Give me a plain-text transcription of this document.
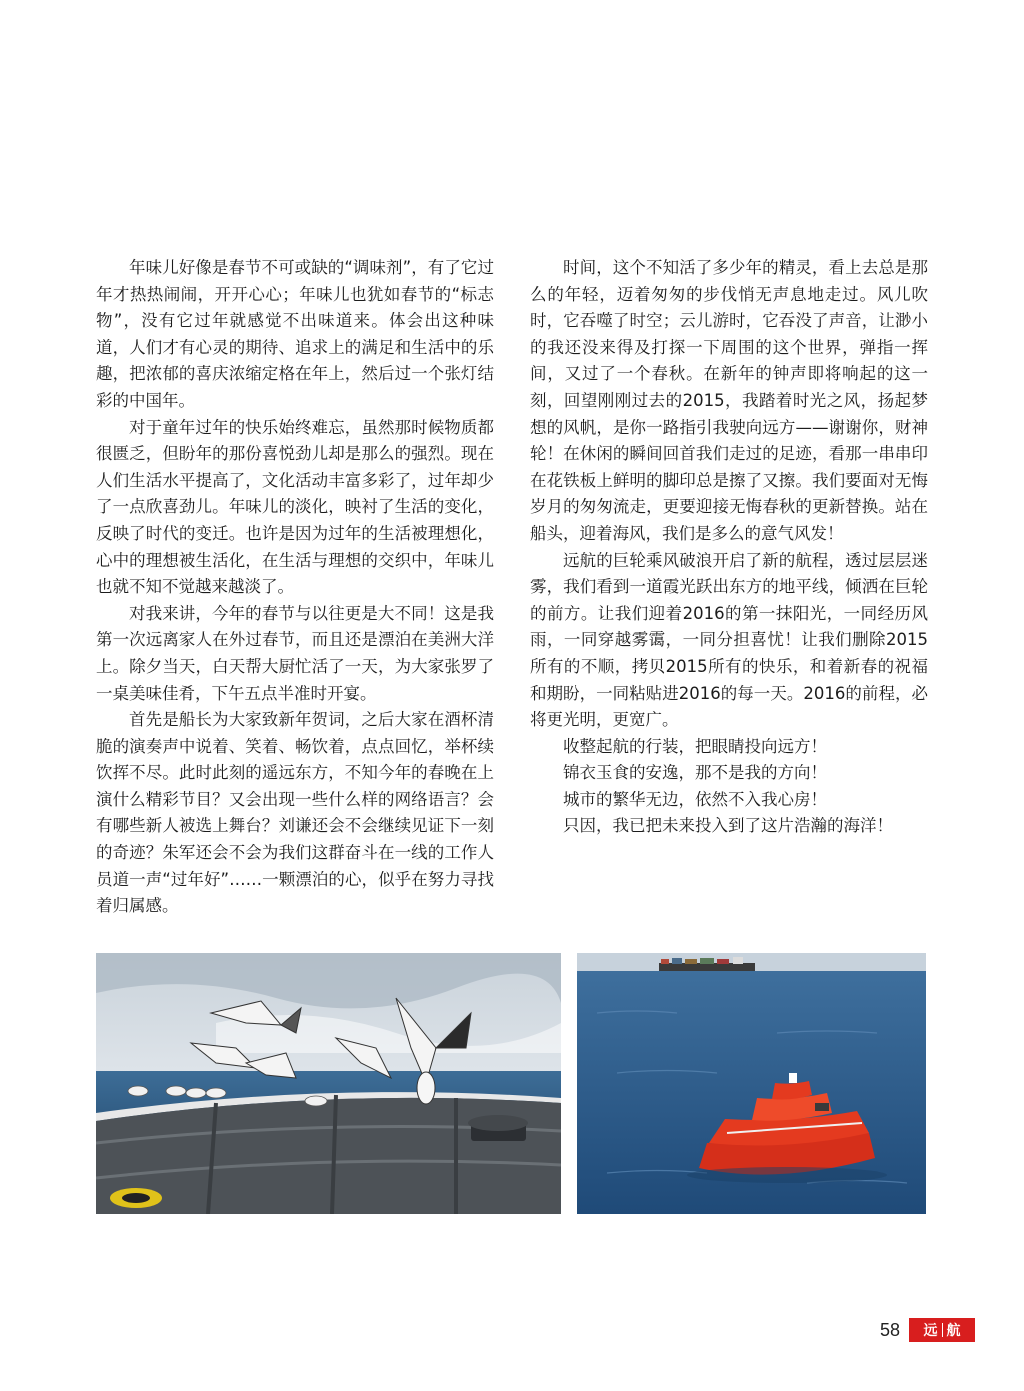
年味儿好像是春节不可或缺的“调味剂”，有了它过年才热热闹闹，开开心心；年味儿也犹如春节的“标志物”，没有它过年就感觉不出味道来。体会出这种味道，人们才有心灵的期待、追求上的满足和生活中的乐趣，把浓郁的喜庆浓缩定格在年上，然后过一个张灯结彩的中国年。

对于童年过年的快乐始终难忘，虽然那时候物质都很匮乏，但盼年的那份喜悦劲儿却是那么的强烈。现在人们生活水平提高了，文化活动丰富多彩了，过年却少了一点欣喜劲儿。年味儿的淡化，映衬了生活的变化，反映了时代的变迁。也许是因为过年的生活被理想化，心中的理想被生活化，在生活与理想的交织中，年味儿也就不知不觉越来越淡了。

对我来讲，今年的春节与以往更是大不同！这是我第一次远离家人在外过春节，而且还是漂泊在美洲大洋上。除夕当天，白天帮大厨忙活了一天，为大家张罗了一桌美味佳肴，下午五点半准时开宴。

首先是船长为大家致新年贺词，之后大家在酒杯清脆的演奏声中说着、笑着、畅饮着，点点回忆，举杯续饮挥不尽。此时此刻的遥远东方，不知今年的春晚在上演什么精彩节目？又会出现一些什么样的网络语言？会有哪些新人被选上舞台？刘谦还会不会继续见证下一刻的奇迹？朱军还会不会为我们这群奋斗在一线的工作人员道一声“过年好”……一颗漂泊的心，似乎在努力寻找着归属感。

时间，这个不知活了多少年的精灵，看上去总是那么的年轻，迈着匆匆的步伐悄无声息地走过。风儿吹时，它吞噬了时空；云儿游时，它吞没了声音，让渺小的我还没来得及打探一下周围的这个世界，弹指一挥间，又过了一个春秋。在新年的钟声即将响起的这一刻，回望刚刚过去的2015，我踏着时光之风，扬起梦想的风帆，是你一路指引我驶向远方——谢谢你，财神轮！在休闲的瞬间回首我们走过的足迹，看那一串串印在花铁板上鲜明的脚印总是擦了又擦。我们要面对无悔岁月的匆匆流走，更要迎接无悔春秋的更新替换。站在船头，迎着海风，我们是多么的意气风发！

远航的巨轮乘风破浪开启了新的航程，透过层层迷雾，我们看到一道霞光跃出东方的地平线，倾洒在巨轮的前方。让我们迎着2016的第一抹阳光，一同经历风雨，一同穿越雾霭，一同分担喜忧！让我们删除2015所有的不顺，拷贝2015所有的快乐，和着新春的祝福和期盼，一同粘贴进2016的每一天。2016的前程，必将更光明，更宽广。

收整起航的行装，把眼睛投向远方！

锦衣玉食的安逸，那不是我的方向！

城市的繁华无边，依然不入我心房！

只因，我已把未来投入到了这片浩瀚的海洋！

58 远 航
